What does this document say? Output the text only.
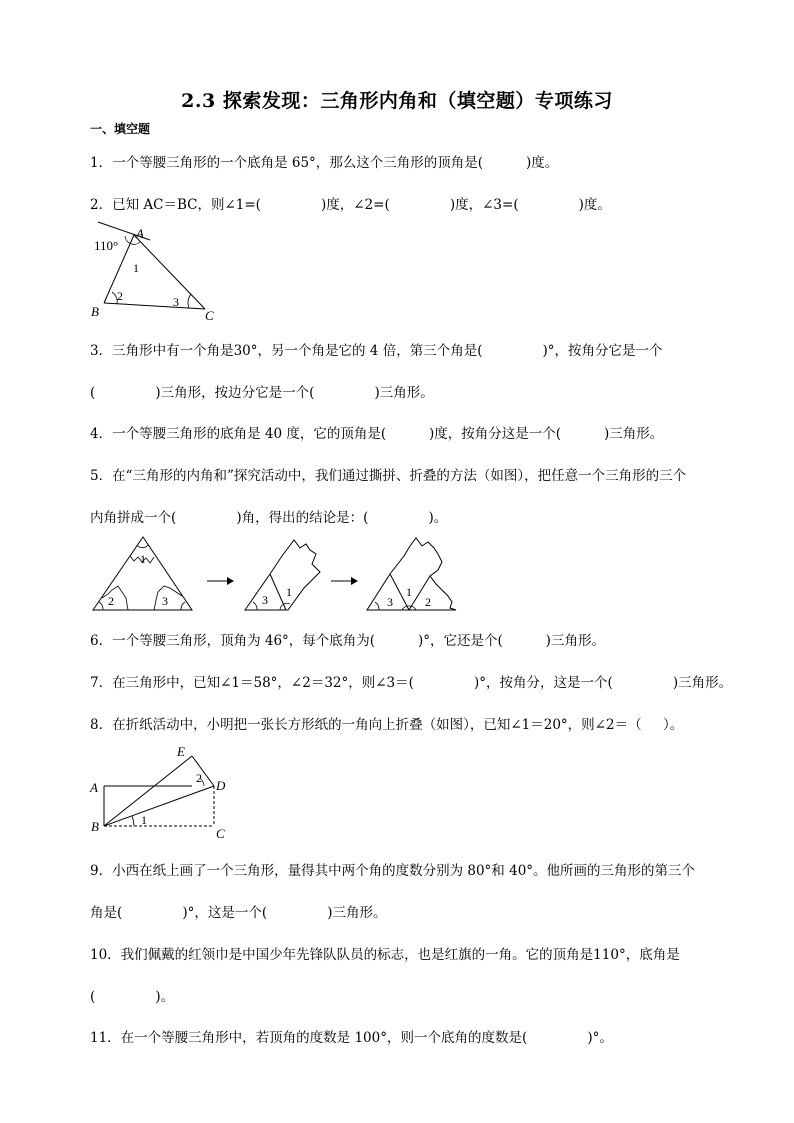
2.3 探索发现：三角形内角和（填空题）专项练习
一、填空题
1．一个等腰三角形的一个底角是 65°，那么这个三角形的顶角是(          )度。
2．已知 AC＝BC，则∠1=(              )度，∠2=(              )度，∠3=(              )度。
110°
A
B	C
1
2	3
3．三角形中有一个角是30°，另一个角是它的 4 倍，第三个角是(              )°，按角分它是一个
(              )三角形，按边分它是一个(              )三角形。
4．一个等腰三角形的底角是 40 度，它的顶角是(          )度，按角分这是一个(          )三角形。
5．在“三角形的内角和”探究活动中，我们通过撕拼、折叠的方法（如图），把任意一个三角形的三个
内角拼成一个(              )角，得出的结论是：(              )。
1
2	3	3
1
3
1
2
6．一个等腰三角形，顶角为 46°，每个底角为(          )°，它还是个(          )三角形。
7．在三角形中，已知∠1＝58°，∠2＝32°，则∠3＝(              )°，按角分，这是一个(              )三角形。
8．在折纸活动中，小明把一张长方形纸的一角向上折叠（如图），已知∠1＝20°，则∠2＝（     ）。
E
A	D
B	C
1
2
9．小西在纸上画了一个三角形，量得其中两个角的度数分别为 80°和 40°。他所画的三角形的第三个
角是(              )°，这是一个(              )三角形。
10．我们佩戴的红领巾是中国少年先锋队队员的标志，也是红旗的一角。它的顶角是110°，底角是
(              )。
11．在一个等腰三角形中，若顶角的度数是 100°，则一个底角的度数是(              )°。
